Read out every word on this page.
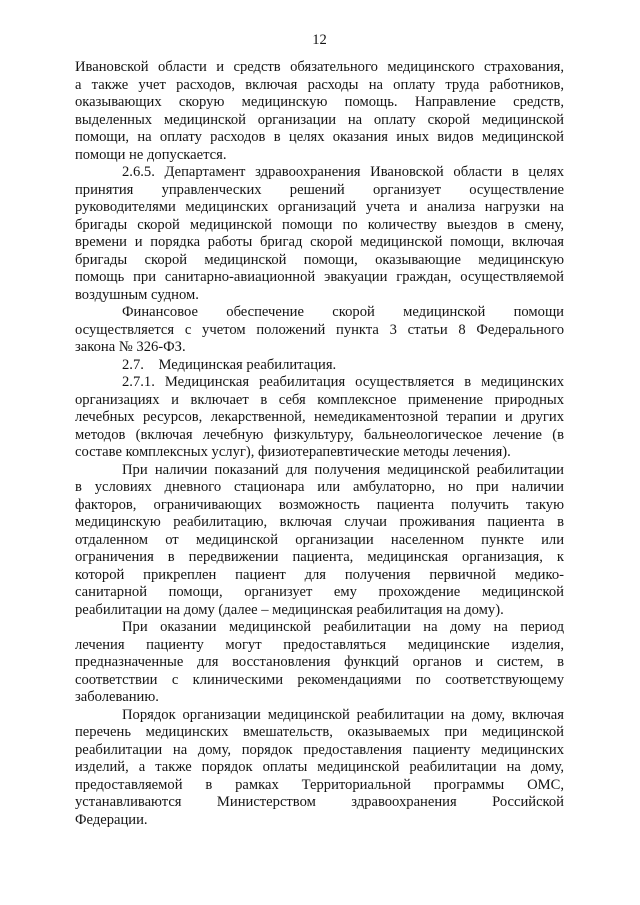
12
Ивановской области и средств обязательного медицинского страхования,
а также учет расходов, включая расходы на оплату труда работников,
оказывающих скорую медицинскую помощь. Направление средств,
выделенных медицинской организации на оплату скорой медицинской
помощи, на оплату расходов в целях оказания иных видов медицинской
помощи не допускается.
2.6.5. Департамент здравоохранения Ивановской области в целях
принятия управленческих решений организует осуществление
руководителями медицинских организаций учета и анализа нагрузки на
бригады скорой медицинской помощи по количеству выездов в смену,
времени и порядка работы бригад скорой медицинской помощи, включая
бригады скорой медицинской помощи, оказывающие медицинскую
помощь при санитарно-авиационной эвакуации граждан, осуществляемой
воздушным судном.
Финансовое обеспечение скорой медицинской помощи
осуществляется с учетом положений пункта 3 статьи 8 Федерального
закона № 326-ФЗ.
2.7.    Медицинская реабилитация.
2.7.1. Медицинская реабилитация осуществляется в медицинских
организациях и включает в себя комплексное применение природных
лечебных ресурсов, лекарственной, немедикаментозной терапии и других
методов (включая лечебную физкультуру, бальнеологическое лечение (в
составе комплексных услуг), физиотерапевтические методы лечения).
При наличии показаний для получения медицинской реабилитации
в условиях дневного стационара или амбулаторно, но при наличии
факторов, ограничивающих возможность пациента получить такую
медицинскую реабилитацию, включая случаи проживания пациента в
отдаленном от медицинской организации населенном пункте или
ограничения в передвижении пациента, медицинская организация, к
которой прикреплен пациент для получения первичной медико-
санитарной помощи, организует ему прохождение медицинской
реабилитации на дому (далее – медицинская реабилитация на дому).
При оказании медицинской реабилитации на дому на период
лечения пациенту могут предоставляться медицинские изделия,
предназначенные для восстановления функций органов и систем, в
соответствии с клиническими рекомендациями по соответствующему
заболеванию.
Порядок организации медицинской реабилитации на дому, включая
перечень медицинских вмешательств, оказываемых при медицинской
реабилитации на дому, порядок предоставления пациенту медицинских
изделий, а также порядок оплаты медицинской реабилитации на дому,
предоставляемой в рамках Территориальной программы ОМС,
устанавливаются Министерством здравоохранения Российской
Федерации.
